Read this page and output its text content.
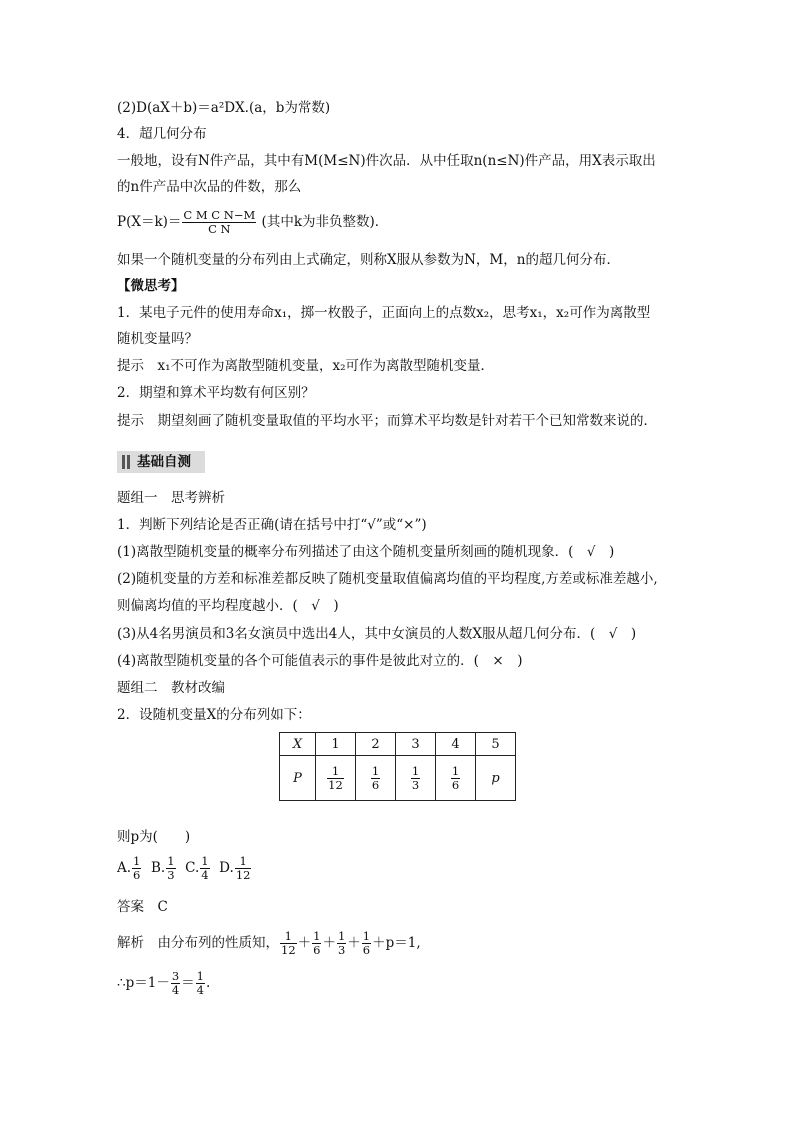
(2)D(aX＋b)＝a²DX.(a，b为常数)
4．超几何分布
一般地，设有N件产品，其中有M(M≤N)件次品．从中任取n(n≤N)件产品，用X表示取出
的n件产品中次品的件数，那么
$P(X=k)= \frac{\text{C M C N−M}}{\text{C N}}$ (其中k为非负整数)．
如果一个随机变量的分布列由上式确定，则称X服从参数为N，M，n的超几何分布．
【微思考】
1．某电子元件的使用寿命x₁，掷一枚骰子，正面向上的点数x₂，思考x₁，x₂可作为离散型
随机变量吗？
提示　x₁不可作为离散型随机变量，x₂可作为离散型随机变量．
2．期望和算术平均数有何区别？
提示　期望刻画了随机变量取值的平均水平；而算术平均数是针对若干个已知常数来说的．
基础自测
题组一　思考辨析
1．判断下列结论是否正确(请在括号中打“√”或“×”)
(1)离散型随机变量的概率分布列描述了由这个随机变量所刻画的随机现象．(　√　)
(2)随机变量的方差和标准差都反映了随机变量取值偏离均值的平均程度,方差或标准差越小,
则偏离均值的平均程度越小．(　√　)
(3)从4名男演员和3名女演员中选出4人，其中女演员的人数X服从超几何分布．(　√　)
(4)离散型随机变量的各个可能值表示的事件是彼此对立的．(　×　)
题组二　教材改编
2．设随机变量X的分布列如下：
X	1	2	3	4	5
P	$\frac{1}{12}$	$\frac{1}{6}$	$\frac{1}{3}$	$\frac{1}{6}$	p
则p为(　　)
A. $\frac{1}{6} B$. $\frac{1}{3} C$. $\frac{1}{4} D$. $\frac{1}{12}$
答案　C
解析　由分布列的性质知， $\frac{1}{12} + \frac{1}{6} + \frac{1}{3} + \frac{1}{6} +p=1$,
∴p＝1－ $\frac{3}{4} = \frac{1}{4}$ .
